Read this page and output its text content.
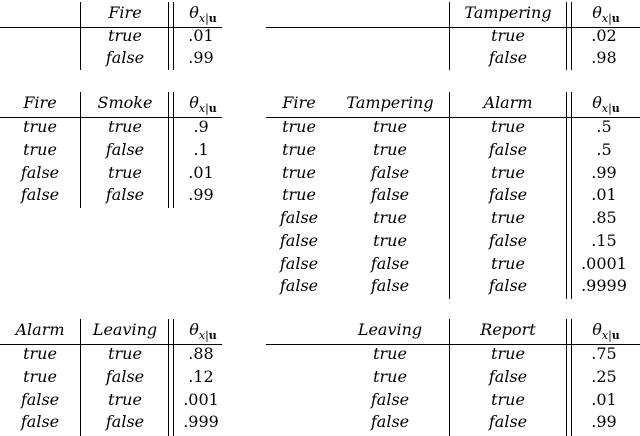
Fire	$\theta_{x|u}$
true	.01
false	.99
Tampering	$\theta_{x|u}$
true	.02
false	.98
Fire	Smoke	$\theta_{x|u}$
true	true	.9
true	false	.1
false	true	.01
false	false	.99
Fire	Tampering	Alarm	$\theta_{x|u}$
true	true	true	.5
true	true	false	.5
true	false	true	.99
true	false	false	.01
false	true	true	.85
false	true	false	.15
false	false	true	.0001
false	false	false	.9999
Alarm	Leaving	$\theta_{x|u}$
true	true	.88
true	false	.12
false	true	.001
false	false	.999
Leaving	Report	$\theta_{x|u}$
true	true	.75
true	false	.25
false	true	.01
false	false	.99
